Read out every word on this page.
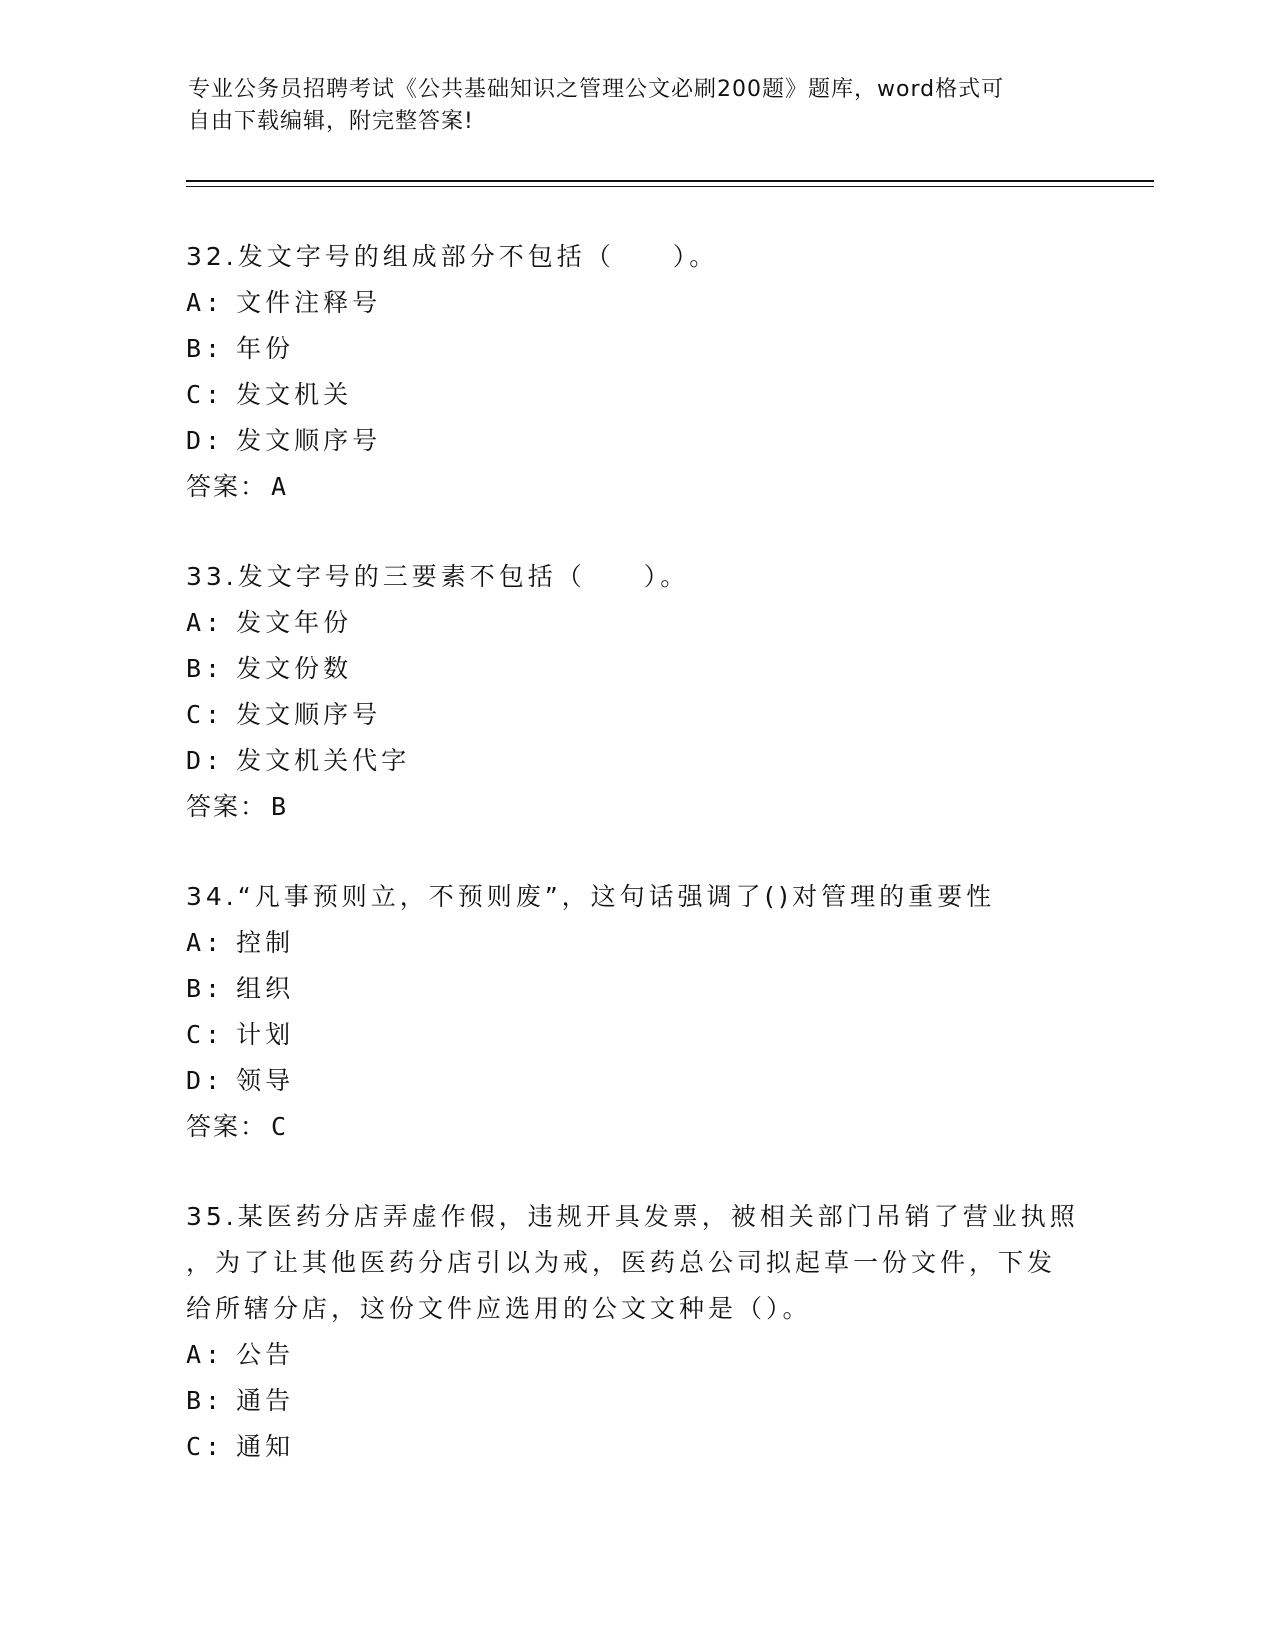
专业公务员招聘考试《公共基础知识之管理公文必刷200题》题库，word格式可
自由下载编辑，附完整答案!

32.发文字号的组成部分不包括（　　）。

A: 文件注释号

B: 年份

C: 发文机关

D: 发文顺序号

答案： A

33.发文字号的三要素不包括（　　）。

A: 发文年份

B: 发文份数

C: 发文顺序号

D: 发文机关代字

答案： B

34.“凡事预则立，不预则废”，这句话强调了()对管理的重要性

A: 控制

B: 组织

C: 计划

D: 领导

答案： C

35.某医药分店弄虚作假，违规开具发票，被相关部门吊销了营业执照

，为了让其他医药分店引以为戒，医药总公司拟起草一份文件，下发

给所辖分店，这份文件应选用的公文文种是（）。

A: 公告

B: 通告

C: 通知
